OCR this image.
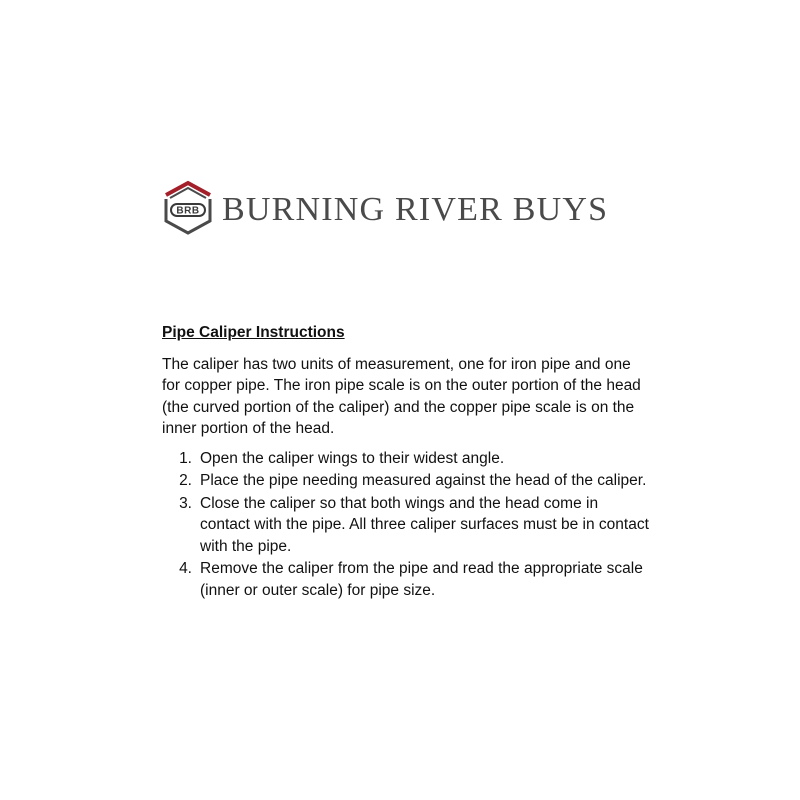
BRB BURNING RIVER BUYS
Pipe Caliper Instructions

The caliper has two units of measurement, one for iron pipe and one for copper pipe. The iron pipe scale is on the outer portion of the head (the curved portion of the caliper) and the copper pipe scale is on the inner portion of the head.

1. Open the caliper wings to their widest angle.
2. Place the pipe needing measured against the head of the caliper.
3. Close the caliper so that both wings and the head come in contact with the pipe. All three caliper surfaces must be in contact with the pipe.
4. Remove the caliper from the pipe and read the appropriate scale (inner or outer scale) for pipe size.
